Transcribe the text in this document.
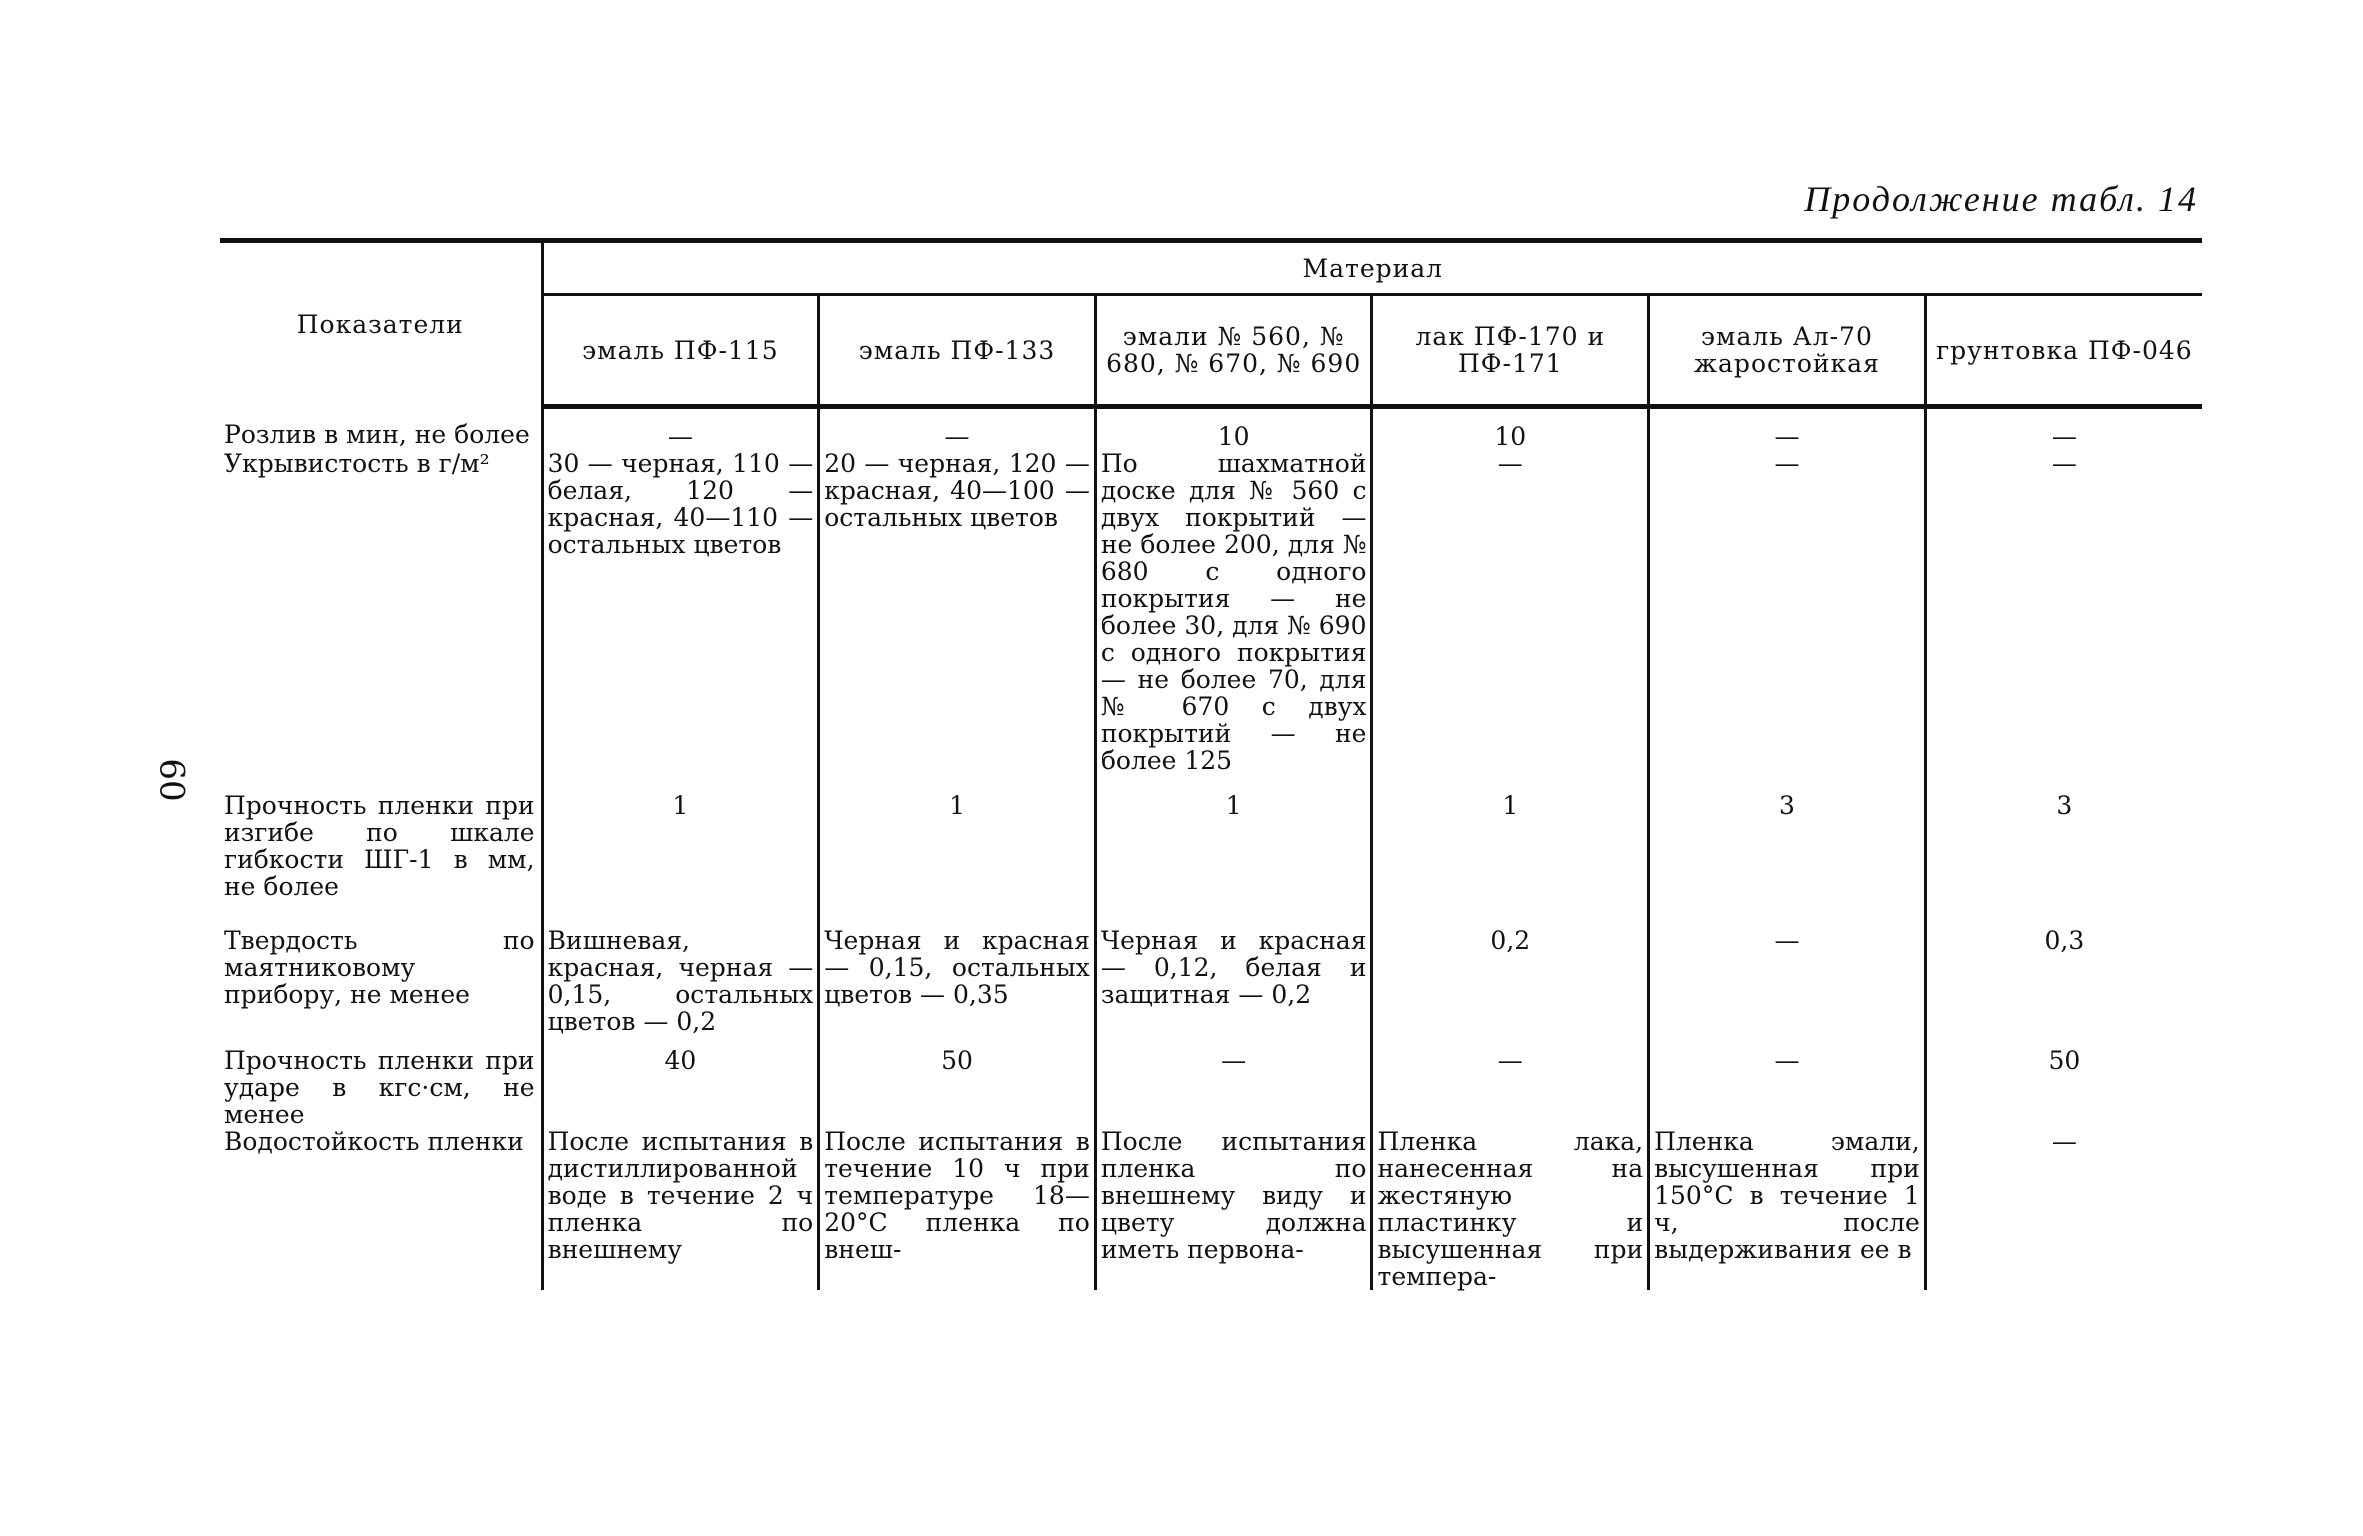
Продолжение табл. 14
60
Показатели	Материал					
	эмаль ПФ-115	эмаль ПФ-133	эмали № 560, № 680, № 670, № 690	лак ПФ-170 и ПФ-171	эмаль Ал-70 жаростойкая	грунтовка ПФ-046
Розлив в мин, не более	—	—	10	10	—	—
Укрывистость в г/м²	30 — черная, 110 — белая, 120 — красная, 40—110 — остальных цветов	20 — черная, 120 — красная, 40—100 — остальных цветов	По шахматной доске для № 560 с двух покрытий — не более 200, для № 680 с одного покрытия — не более 30, для № 690 с одного покрытия — не более 70, для № 670 с двух покрытий — не более 125	—	—	—
Прочность пленки при изгибе по шкале гибкости ШГ-1 в мм, не более	1	1	1	1	3	3
Твердость по маятниковому прибору, не менее	Вишневая, красная, черная — 0,15, остальных цветов — 0,2	Черная и красная — 0,15, остальных цветов — 0,35	Черная и красная — 0,12, белая и защитная — 0,2	0,2	—	0,3
Прочность пленки при ударе в кгс·см, не менее	40	50	—	—	—	50
Водостойкость пленки	После испытания в дистиллированной воде в течение 2 ч пленка по внешнему	После испытания в течение 10 ч при температуре 18—20°С пленка по внеш-	После испытания пленка по внешнему виду и цвету должна иметь первона-	Пленка лака, нанесенная на жестяную пластинку и высушенная при темпера-	Пленка эмали, высушенная при 150°С в течение 1 ч, после выдерживания ее в	—
